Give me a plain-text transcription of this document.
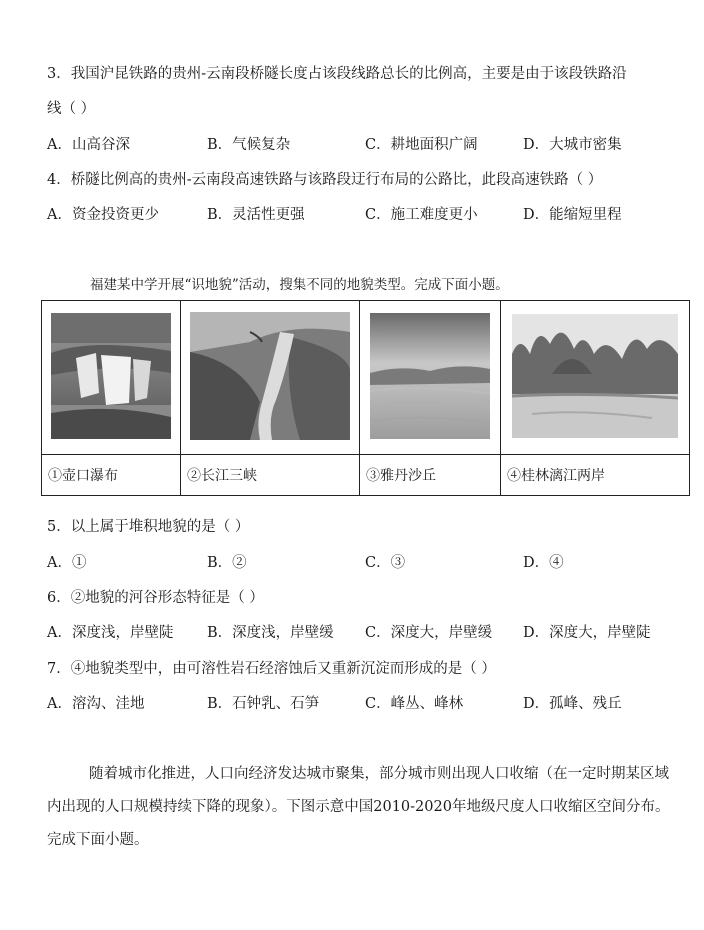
3．我国沪昆铁路的贵州-云南段桥隧长度占该段线路总长的比例高，主要是由于该段铁路沿
线（ ）
A．山高谷深	B．气候复杂	C．耕地面积广阔	D．大城市密集
4．桥隧比例高的贵州-云南段高速铁路与该路段迂行布局的公路比，此段高速铁路（ ）
A．资金投资更少	B．灵活性更强	C．施工难度更小	D．能缩短里程
福建某中学开展“识地貌”活动，搜集不同的地貌类型。完成下面小题。

①壶口瀑布	②长江三峡	③雅丹沙丘	④桂林漓江两岸
5．以上属于堆积地貌的是（ ）
A．①	B．②	C．③	D．④
6．②地貌的河谷形态特征是（ ）
A．深度浅，岸壁陡 B．深度浅，岸壁缓 C．深度大，岸壁缓 D．深度大，岸壁陡
7．④地貌类型中，由可溶性岩石经溶蚀后又重新沉淀而形成的是（ ）
A．溶沟、洼地	B．石钟乳、石笋	C．峰丛、峰林	D．孤峰、残丘
随着城市化推进，人口向经济发达城市聚集，部分城市则出现人口收缩（在一定时期某区域内出现的人口规模持续下降的现象）。下图示意中国2010-2020年地级尺度人口收缩区空间分布。完成下面小题。
